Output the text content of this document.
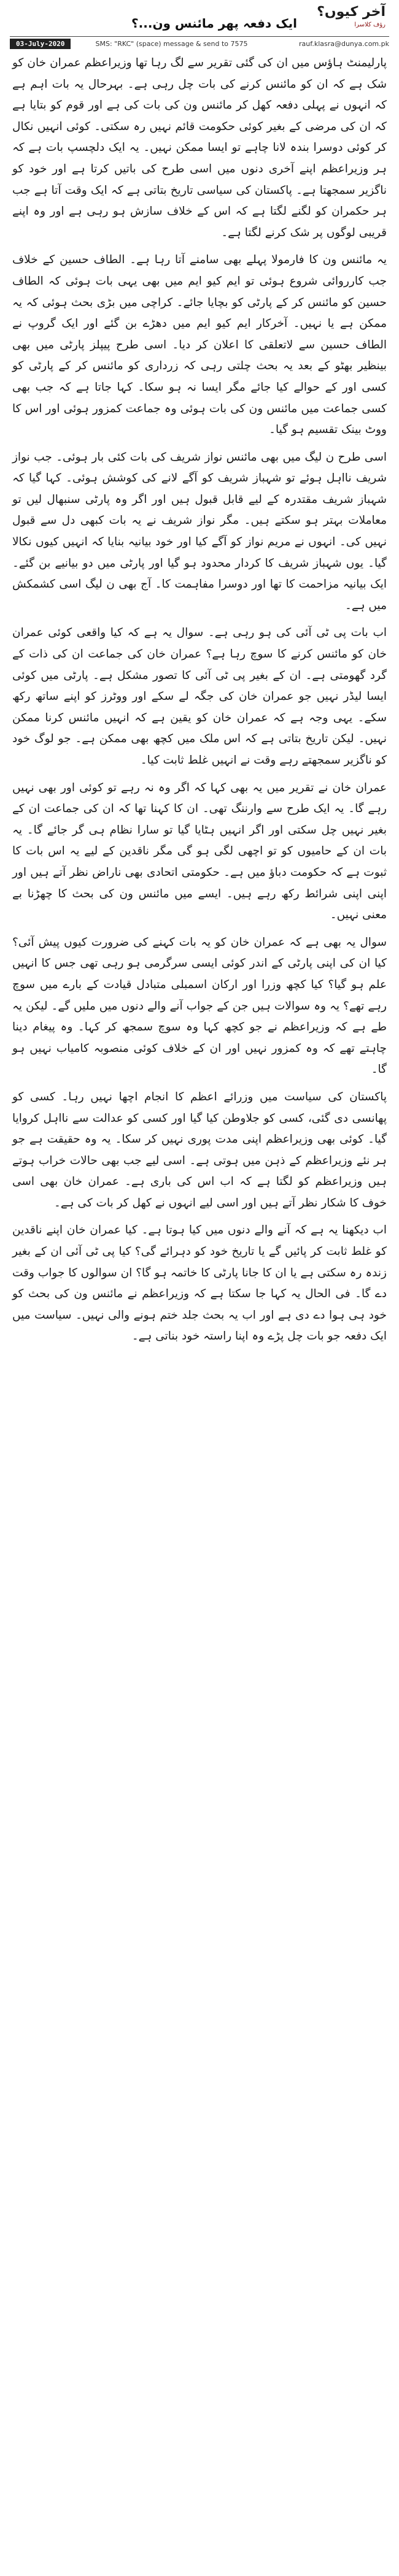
آخر کیوں؟
رؤف کلاسرا
ایک دفعہ پھر مائنس ون...؟
03-July-2020	SMS: "RKC" (space) message & send to 7575	rauf.klasra@dunya.com.pk

پارلیمنٹ ہاؤس میں ان کی گئی تقریر سے لگ رہا تھا وزیراعظم عمران خان کو شک ہے کہ ان کو مائنس کرنے کی بات چل رہی ہے۔ بہرحال یہ بات اہم ہے کہ انہوں نے پہلی دفعہ کھل کر مائنس ون کی بات کی ہے اور قوم کو بتایا ہے کہ ان کی مرضی کے بغیر کوئی حکومت قائم نہیں رہ سکتی۔ کوئی انہیں نکال کر کوئی دوسرا بندہ لانا چاہے تو ایسا ممکن نہیں۔ یہ ایک دلچسپ بات ہے کہ ہر وزیراعظم اپنے آخری دنوں میں اسی طرح کی باتیں کرتا ہے اور خود کو ناگزیر سمجھتا ہے۔ پاکستان کی سیاسی تاریخ بتاتی ہے کہ ایک وقت آتا ہے جب ہر حکمران کو لگنے لگتا ہے کہ اس کے خلاف سازش ہو رہی ہے اور وہ اپنے قریبی لوگوں پر شک کرنے لگتا ہے۔

یہ مائنس ون کا فارمولا پہلے بھی سامنے آتا رہا ہے۔ الطاف حسین کے خلاف جب کارروائی شروع ہوئی تو ایم کیو ایم میں بھی یہی بات ہوئی کہ الطاف حسین کو مائنس کر کے پارٹی کو بچایا جائے۔ کراچی میں بڑی بحث ہوئی کہ یہ ممکن ہے یا نہیں۔ آخرکار ایم کیو ایم میں دھڑے بن گئے اور ایک گروپ نے الطاف حسین سے لاتعلقی کا اعلان کر دیا۔ اسی طرح پیپلز پارٹی میں بھی بینظیر بھٹو کے بعد یہ بحث چلتی رہی کہ زرداری کو مائنس کر کے پارٹی کو کسی اور کے حوالے کیا جائے مگر ایسا نہ ہو سکا۔ کہا جاتا ہے کہ جب بھی کسی جماعت میں مائنس ون کی بات ہوئی وہ جماعت کمزور ہوئی اور اس کا ووٹ بینک تقسیم ہو گیا۔

اسی طرح ن لیگ میں بھی مائنس نواز شریف کی بات کئی بار ہوئی۔ جب نواز شریف نااہل ہوئے تو شہباز شریف کو آگے لانے کی کوشش ہوئی۔ کہا گیا کہ شہباز شریف مقتدرہ کے لیے قابل قبول ہیں اور اگر وہ پارٹی سنبھال لیں تو معاملات بہتر ہو سکتے ہیں۔ مگر نواز شریف نے یہ بات کبھی دل سے قبول نہیں کی۔ انہوں نے مریم نواز کو آگے کیا اور خود بیانیہ بنایا کہ انہیں کیوں نکالا گیا۔ یوں شہباز شریف کا کردار محدود ہو گیا اور پارٹی میں دو بیانیے بن گئے۔ ایک بیانیہ مزاحمت کا تھا اور دوسرا مفاہمت کا۔ آج بھی ن لیگ اسی کشمکش میں ہے۔

اب بات پی ٹی آئی کی ہو رہی ہے۔ سوال یہ ہے کہ کیا واقعی کوئی عمران خان کو مائنس کرنے کا سوچ رہا ہے؟ عمران خان کی جماعت ان کی ذات کے گرد گھومتی ہے۔ ان کے بغیر پی ٹی آئی کا تصور مشکل ہے۔ پارٹی میں کوئی ایسا لیڈر نہیں جو عمران خان کی جگہ لے سکے اور ووٹرز کو اپنے ساتھ رکھ سکے۔ یہی وجہ ہے کہ عمران خان کو یقین ہے کہ انہیں مائنس کرنا ممکن نہیں۔ لیکن تاریخ بتاتی ہے کہ اس ملک میں کچھ بھی ممکن ہے۔ جو لوگ خود کو ناگزیر سمجھتے رہے وقت نے انہیں غلط ثابت کیا۔

عمران خان نے تقریر میں یہ بھی کہا کہ اگر وہ نہ رہے تو کوئی اور بھی نہیں رہے گا۔ یہ ایک طرح سے وارننگ تھی۔ ان کا کہنا تھا کہ ان کی جماعت ان کے بغیر نہیں چل سکتی اور اگر انہیں ہٹایا گیا تو سارا نظام ہی گر جائے گا۔ یہ بات ان کے حامیوں کو تو اچھی لگی ہو گی مگر ناقدین کے لیے یہ اس بات کا ثبوت ہے کہ حکومت دباؤ میں ہے۔ حکومتی اتحادی بھی ناراض نظر آتے ہیں اور اپنی اپنی شرائط رکھ رہے ہیں۔ ایسے میں مائنس ون کی بحث کا چھڑنا بے معنی نہیں۔

سوال یہ بھی ہے کہ عمران خان کو یہ بات کہنے کی ضرورت کیوں پیش آئی؟ کیا ان کی اپنی پارٹی کے اندر کوئی ایسی سرگرمی ہو رہی تھی جس کا انہیں علم ہو گیا؟ کیا کچھ وزرا اور ارکان اسمبلی متبادل قیادت کے بارے میں سوچ رہے تھے؟ یہ وہ سوالات ہیں جن کے جواب آنے والے دنوں میں ملیں گے۔ لیکن یہ طے ہے کہ وزیراعظم نے جو کچھ کہا وہ سوچ سمجھ کر کہا۔ وہ پیغام دینا چاہتے تھے کہ وہ کمزور نہیں اور ان کے خلاف کوئی منصوبہ کامیاب نہیں ہو گا۔

پاکستان کی سیاست میں وزرائے اعظم کا انجام اچھا نہیں رہا۔ کسی کو پھانسی دی گئی، کسی کو جلاوطن کیا گیا اور کسی کو عدالت سے نااہل کروایا گیا۔ کوئی بھی وزیراعظم اپنی مدت پوری نہیں کر سکا۔ یہ وہ حقیقت ہے جو ہر نئے وزیراعظم کے ذہن میں ہوتی ہے۔ اسی لیے جب بھی حالات خراب ہوتے ہیں وزیراعظم کو لگتا ہے کہ اب اس کی باری ہے۔ عمران خان بھی اسی خوف کا شکار نظر آتے ہیں اور اسی لیے انہوں نے کھل کر بات کی ہے۔

اب دیکھنا یہ ہے کہ آنے والے دنوں میں کیا ہوتا ہے۔ کیا عمران خان اپنے ناقدین کو غلط ثابت کر پائیں گے یا تاریخ خود کو دہرائے گی؟ کیا پی ٹی آئی ان کے بغیر زندہ رہ سکتی ہے یا ان کا جانا پارٹی کا خاتمہ ہو گا؟ ان سوالوں کا جواب وقت دے گا۔ فی الحال یہ کہا جا سکتا ہے کہ وزیراعظم نے مائنس ون کی بحث کو خود ہی ہوا دے دی ہے اور اب یہ بحث جلد ختم ہونے والی نہیں۔ سیاست میں ایک دفعہ جو بات چل پڑے وہ اپنا راستہ خود بناتی ہے۔
